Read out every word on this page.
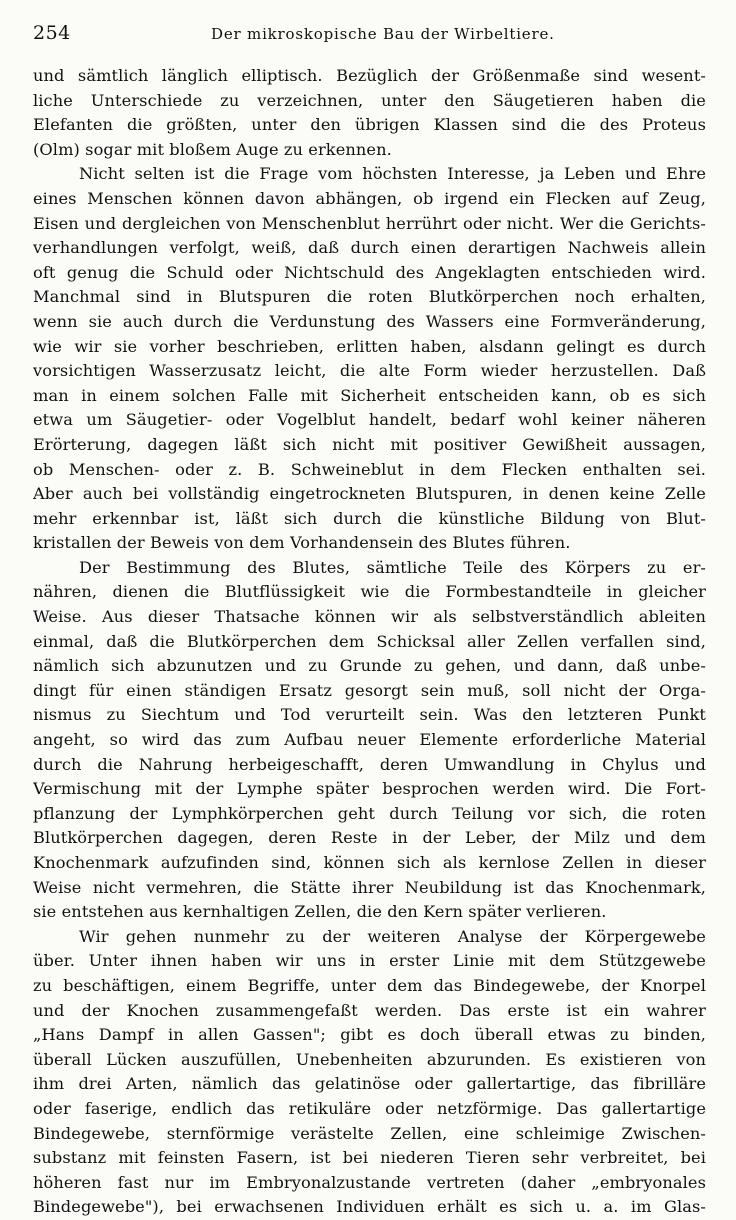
254	Der mikroskopische Bau der Wirbeltiere.
und sämtlich länglich elliptisch. Bezüglich der Größenmaße sind wesent-
liche Unterschiede zu verzeichnen, unter den Säugetieren haben die
Elefanten die größten, unter den übrigen Klassen sind die des Proteus
(Olm) sogar mit bloßem Auge zu erkennen.
Nicht selten ist die Frage vom höchsten Interesse, ja Leben und Ehre
eines Menschen können davon abhängen, ob irgend ein Flecken auf Zeug,
Eisen und dergleichen von Menschenblut herrührt oder nicht. Wer die Gerichts-
verhandlungen verfolgt, weiß, daß durch einen derartigen Nachweis allein
oft genug die Schuld oder Nichtschuld des Angeklagten entschieden wird.
Manchmal sind in Blutspuren die roten Blutkörperchen noch erhalten,
wenn sie auch durch die Verdunstung des Wassers eine Formveränderung,
wie wir sie vorher beschrieben, erlitten haben, alsdann gelingt es durch
vorsichtigen Wasserzusatz leicht, die alte Form wieder herzustellen. Daß
man in einem solchen Falle mit Sicherheit entscheiden kann, ob es sich
etwa um Säugetier- oder Vogelblut handelt, bedarf wohl keiner näheren
Erörterung, dagegen läßt sich nicht mit positiver Gewißheit aussagen,
ob Menschen- oder z. B. Schweineblut in dem Flecken enthalten sei.
Aber auch bei vollständig eingetrockneten Blutspuren, in denen keine Zelle
mehr erkennbar ist, läßt sich durch die künstliche Bildung von Blut-
kristallen der Beweis von dem Vorhandensein des Blutes führen.
Der Bestimmung des Blutes, sämtliche Teile des Körpers zu er-
nähren, dienen die Blutflüssigkeit wie die Formbestandteile in gleicher
Weise. Aus dieser Thatsache können wir als selbstverständlich ableiten
einmal, daß die Blutkörperchen dem Schicksal aller Zellen verfallen sind,
nämlich sich abzunutzen und zu Grunde zu gehen, und dann, daß unbe-
dingt für einen ständigen Ersatz gesorgt sein muß, soll nicht der Orga-
nismus zu Siechtum und Tod verurteilt sein. Was den letzteren Punkt
angeht, so wird das zum Aufbau neuer Elemente erforderliche Material
durch die Nahrung herbeigeschafft, deren Umwandlung in Chylus und
Vermischung mit der Lymphe später besprochen werden wird. Die Fort-
pflanzung der Lymphkörperchen geht durch Teilung vor sich, die roten
Blutkörperchen dagegen, deren Reste in der Leber, der Milz und dem
Knochenmark aufzufinden sind, können sich als kernlose Zellen in dieser
Weise nicht vermehren, die Stätte ihrer Neubildung ist das Knochenmark,
sie entstehen aus kernhaltigen Zellen, die den Kern später verlieren.
Wir gehen nunmehr zu der weiteren Analyse der Körpergewebe
über. Unter ihnen haben wir uns in erster Linie mit dem Stützgewebe
zu beschäftigen, einem Begriffe, unter dem das Bindegewebe, der Knorpel
und der Knochen zusammengefaßt werden. Das erste ist ein wahrer
„Hans Dampf in allen Gassen"; gibt es doch überall etwas zu binden,
überall Lücken auszufüllen, Unebenheiten abzurunden. Es existieren von
ihm drei Arten, nämlich das gelatinöse oder gallertartige, das fibrilläre
oder faserige, endlich das retikuläre oder netzförmige. Das gallertartige
Bindegewebe, sternförmige verästelte Zellen, eine schleimige Zwischen-
substanz mit feinsten Fasern, ist bei niederen Tieren sehr verbreitet, bei
höheren fast nur im Embryonalzustande vertreten (daher „embryonales
Bindegewebe"), bei erwachsenen Individuen erhält es sich u. a. im Glas-
